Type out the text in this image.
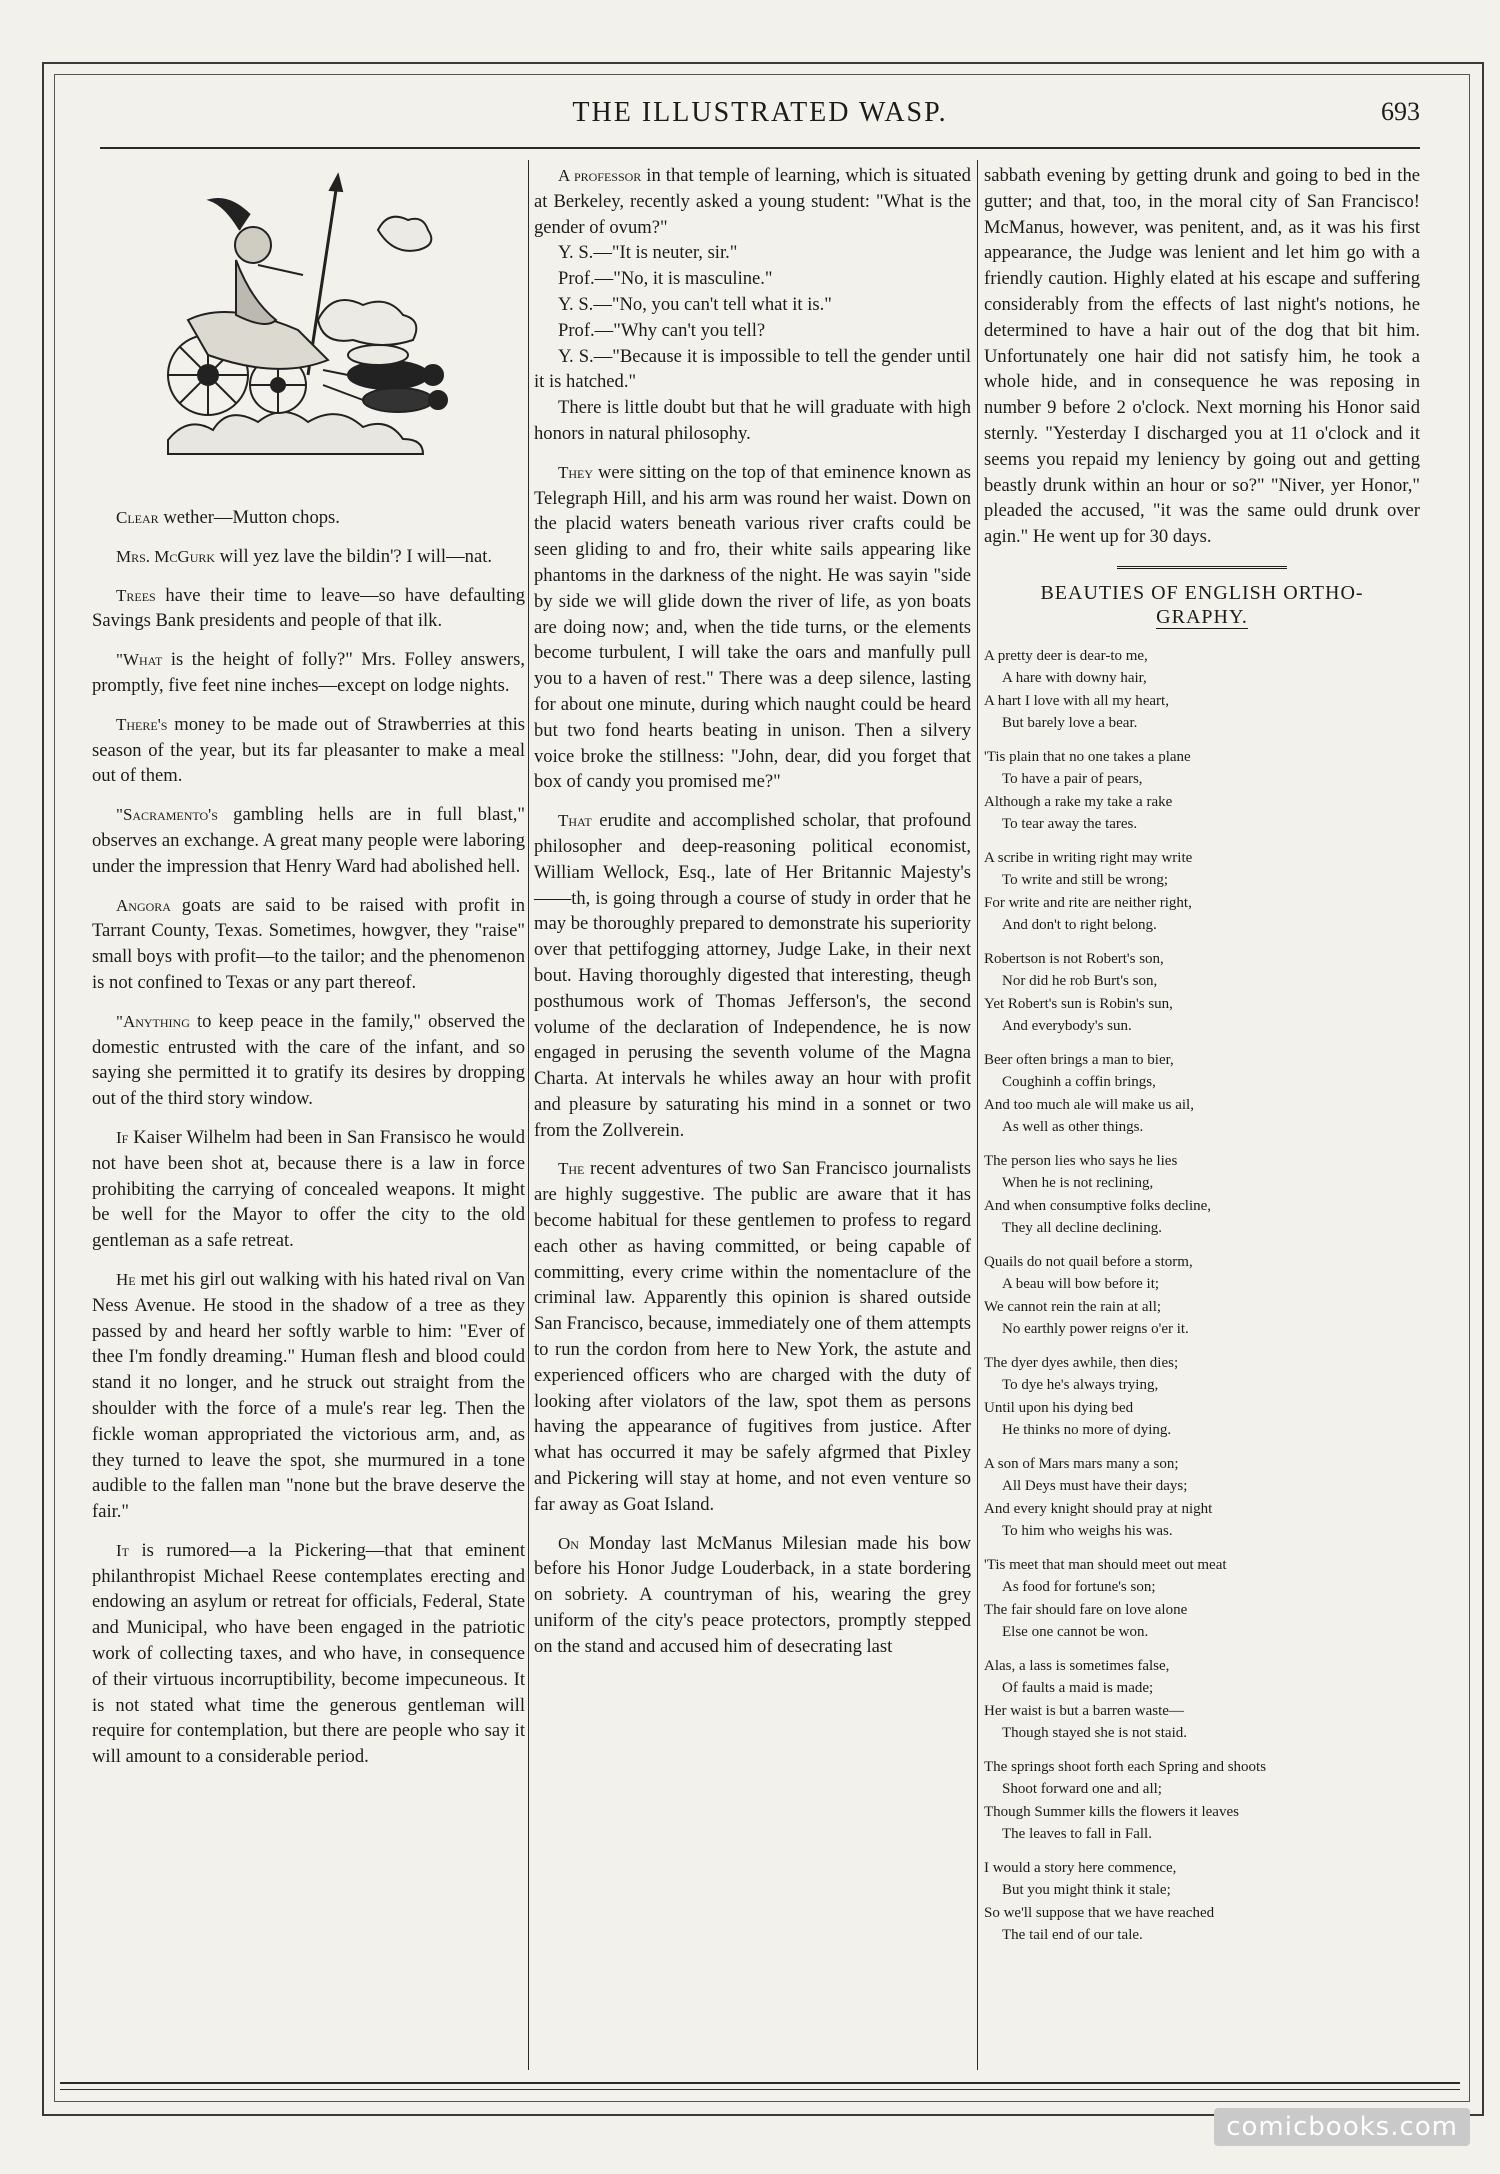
THE ILLUSTRATED WASP.	693

Clear wether—Mutton chops.

Mrs. McGurk will yez lave the bildin'? I will—nat.

Trees have their time to leave—so have defaulting Savings Bank presidents and people of that ilk.

"What is the height of folly?" Mrs. Folley answers, promptly, five feet nine inches—except on lodge nights.

There's money to be made out of Strawberries at this season of the year, but its far pleasanter to make a meal out of them.

"Sacramento's gambling hells are in full blast," observes an exchange. A great many people were laboring under the impression that Henry Ward had abolished hell.

Angora goats are said to be raised with profit in Tarrant County, Texas. Sometimes, howgver, they "raise" small boys with profit—to the tailor; and the phenomenon is not confined to Texas or any part thereof.

"Anything to keep peace in the family," observed the domestic entrusted with the care of the infant, and so saying she permitted it to gratify its desires by dropping out of the third story window.

If Kaiser Wilhelm had been in San Fransisco he would not have been shot at, because there is a law in force prohibiting the carrying of concealed weapons. It might be well for the Mayor to offer the city to the old gentleman as a safe retreat.

He met his girl out walking with his hated rival on Van Ness Avenue. He stood in the shadow of a tree as they passed by and heard her softly warble to him: "Ever of thee I'm fondly dreaming." Human flesh and blood could stand it no longer, and he struck out straight from the shoulder with the force of a mule's rear leg. Then the fickle woman appropriated the victorious arm, and, as they turned to leave the spot, she murmured in a tone audible to the fallen man "none but the brave deserve the fair."

It is rumored—a la Pickering—that that eminent philanthropist Michael Reese contemplates erecting and endowing an asylum or retreat for officials, Federal, State and Municipal, who have been engaged in the patriotic work of collecting taxes, and who have, in consequence of their virtuous incorruptibility, become impecuneous. It is not stated what time the generous gentleman will require for contemplation, but there are people who say it will amount to a considerable period.

A professor in that temple of learning, which is situated at Berkeley, recently asked a young student: "What is the gender of ovum?"

Y. S.—"It is neuter, sir."

Prof.—"No, it is masculine."

Y. S.—"No, you can't tell what it is."

Prof.—"Why can't you tell?

Y. S.—"Because it is impossible to tell the gender until it is hatched."

There is little doubt but that he will graduate with high honors in natural philosophy.

They were sitting on the top of that eminence known as Telegraph Hill, and his arm was round her waist. Down on the placid waters beneath various river crafts could be seen gliding to and fro, their white sails appearing like phantoms in the darkness of the night. He was sayin "side by side we will glide down the river of life, as yon boats are doing now; and, when the tide turns, or the elements become turbulent, I will take the oars and manfully pull you to a haven of rest." There was a deep silence, lasting for about one minute, during which naught could be heard but two fond hearts beating in unison. Then a silvery voice broke the stillness: "John, dear, did you forget that box of candy you promised me?"

That erudite and accomplished scholar, that profound philosopher and deep-reasoning political economist, William Wellock, Esq., late of Her Britannic Majesty's ——th, is going through a course of study in order that he may be thoroughly prepared to demonstrate his superiority over that pettifogging attorney, Judge Lake, in their next bout. Having thoroughly digested that interesting, theugh posthumous work of Thomas Jefferson's, the second volume of the declaration of Independence, he is now engaged in perusing the seventh volume of the Magna Charta. At intervals he whiles away an hour with profit and pleasure by saturating his mind in a sonnet or two from the Zollverein.

The recent adventures of two San Francisco journalists are highly suggestive. The public are aware that it has become habitual for these gentlemen to profess to regard each other as having committed, or being capable of committing, every crime within the nomentaclure of the criminal law. Apparently this opinion is shared outside San Francisco, because, immediately one of them attempts to run the cordon from here to New York, the astute and experienced officers who are charged with the duty of looking after violators of the law, spot them as persons having the appearance of fugitives from justice. After what has occurred it may be safely afgrmed that Pixley and Pickering will stay at home, and not even venture so far away as Goat Island.

On Monday last McManus Milesian made his bow before his Honor Judge Louderback, in a state bordering on sobriety. A countryman of his, wearing the grey uniform of the city's peace protectors, promptly stepped on the stand and accused him of desecrating last

sabbath evening by getting drunk and going to bed in the gutter; and that, too, in the moral city of San Francisco! McManus, however, was penitent, and, as it was his first appearance, the Judge was lenient and let him go with a friendly caution. Highly elated at his escape and suffering considerably from the effects of last night's notions, he determined to have a hair out of the dog that bit him. Unfortunately one hair did not satisfy him, he took a whole hide, and in consequence he was reposing in number 9 before 2 o'clock. Next morning his Honor said sternly. "Yesterday I discharged you at 11 o'clock and it seems you repaid my leniency by going out and getting beastly drunk within an hour or so?" "Niver, yer Honor," pleaded the accused, "it was the same ould drunk over agin." He went up for 30 days.

BEAUTIES OF ENGLISH ORTHO-
GRAPHY.
A pretty deer is dear-to me,
A hare with downy hair,
A hart I love with all my heart,
But barely love a bear.
'Tis plain that no one takes a plane
To have a pair of pears,
Although a rake my take a rake
To tear away the tares.
A scribe in writing right may write
To write and still be wrong;
For write and rite are neither right,
And don't to right belong.
Robertson is not Robert's son,
Nor did he rob Burt's son,
Yet Robert's sun is Robin's sun,
And everybody's sun.
Beer often brings a man to bier,
Coughinh a coffin brings,
And too much ale will make us ail,
As well as other things.
The person lies who says he lies
When he is not reclining,
And when consumptive folks decline,
They all decline declining.
Quails do not quail before a storm,
A beau will bow before it;
We cannot rein the rain at all;
No earthly power reigns o'er it.
The dyer dyes awhile, then dies;
To dye he's always trying,
Until upon his dying bed
He thinks no more of dying.
A son of Mars mars many a son;
All Deys must have their days;
And every knight should pray at night
To him who weighs his was.
'Tis meet that man should meet out meat
As food for fortune's son;
The fair should fare on love alone
Else one cannot be won.
Alas, a lass is sometimes false,
Of faults a maid is made;
Her waist is but a barren waste—
Though stayed she is not staid.
The springs shoot forth each Spring and shoots
Shoot forward one and all;
Though Summer kills the flowers it leaves
The leaves to fall in Fall.
I would a story here commence,
But you might think it stale;
So we'll suppose that we have reached
The tail end of our tale.
comicbooks.com
